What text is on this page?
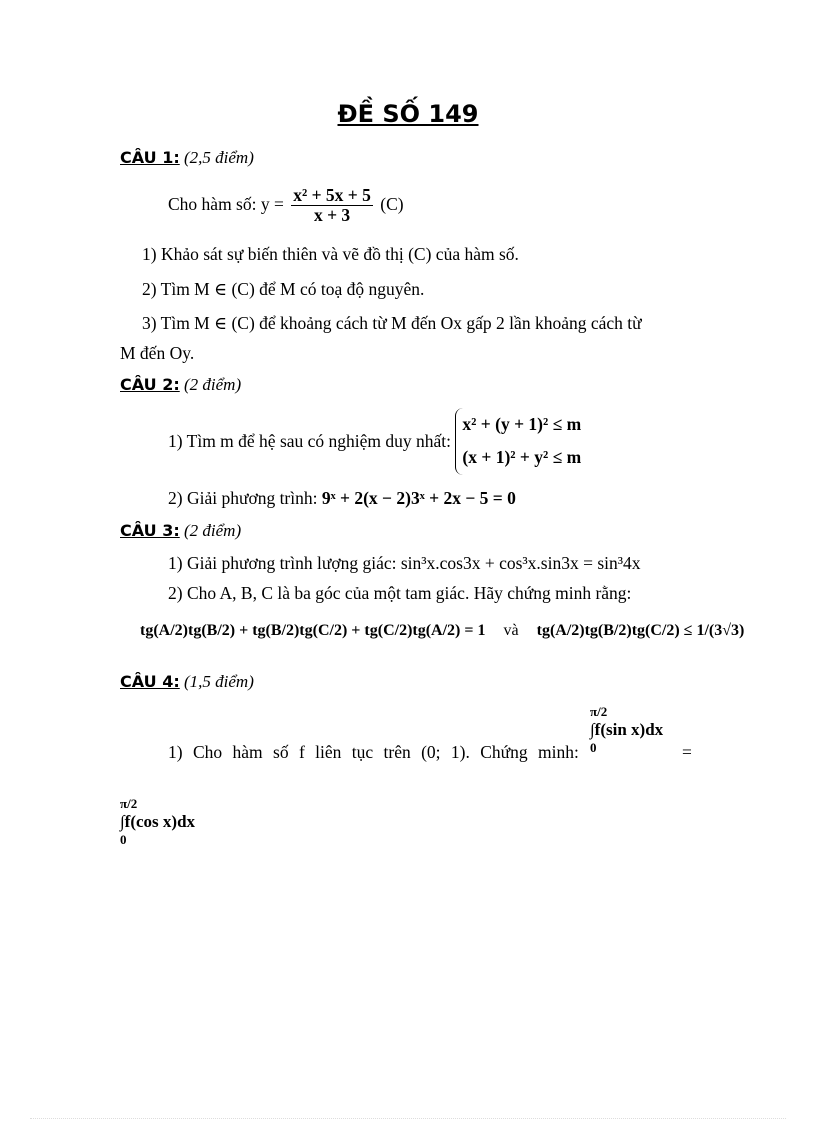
ĐỀ SỐ 149
CÂU 1: (2,5 điểm)
Cho hàm số: $y = \frac{\text{x² + 5x + 5}}{x + 3} (C)$
1) Khảo sát sự biến thiên và vẽ đồ thị (C) của hàm số.
2) Tìm M ∈ (C) để M có toạ độ nguyên.
3) Tìm M ∈ (C) để khoảng cách từ M đến Ox gấp 2 lần khoảng cách từ
M đến Oy.
CÂU 2: (2 điểm)
1) Tìm m để hệ sau có nghiệm duy nhất:
x² + (y + 1)² ≤ m
(x + 1)² + y² ≤ m
2) Giải phương trình: 9ˣ + 2(x − 2)3ˣ + 2x − 5 = 0
CÂU 3: (2 điểm)
1) Giải phương trình lượng giác: sin³x.cos3x + cos³x.sin3x = sin³4x
2) Cho A, B, C là ba góc của một tam giác. Hãy chứng minh rằng:
tg(A/2)tg(B/2) + tg(B/2)tg(C/2) + tg(C/2)tg(A/2) = 1 và tg(A/2)tg(B/2)tg(C/2) ≤ 1/(3√3)
CÂU 4: (1,5 điểm)
1) Cho hàm số f liên tục trên (0; 1). Chứng minh:
π/2
∫f(sin x)dx
0	=
π/2
∫f(cos x)dx
0
